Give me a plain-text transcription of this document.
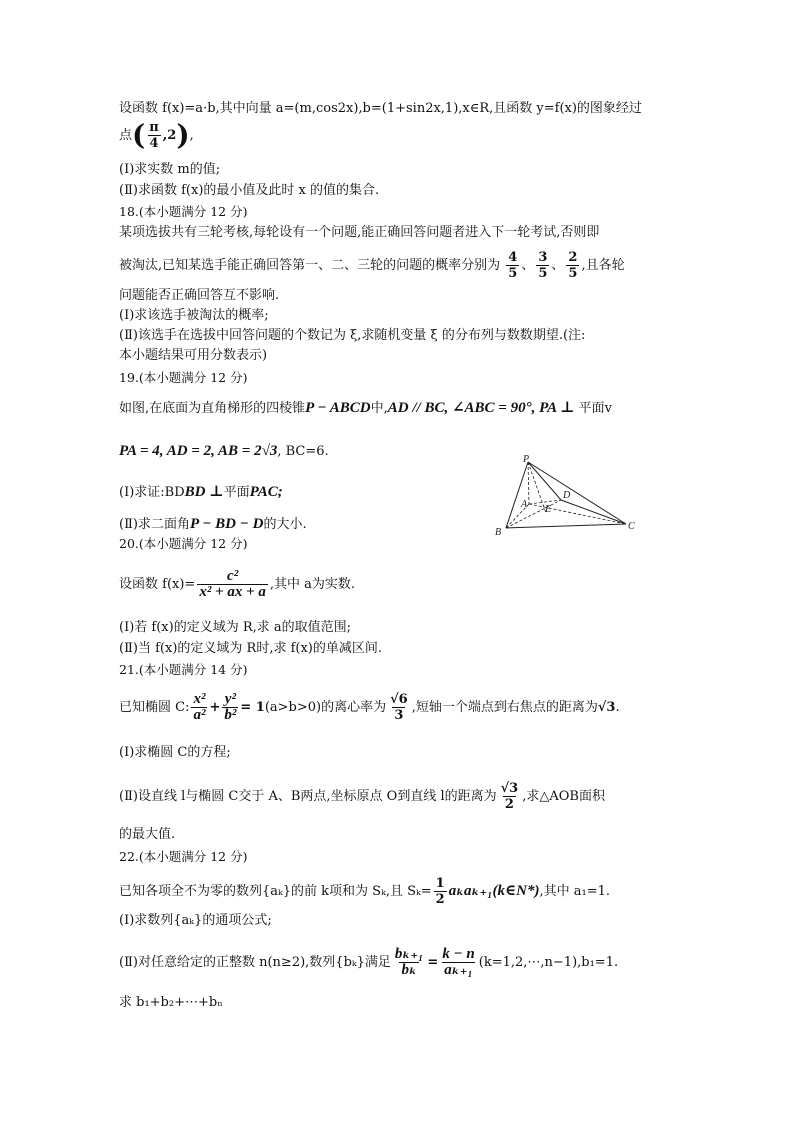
设函数 f(x)=a·b,其中向量 a=(m,cos2x),b=(1+sin2x,1),x∈R,且函数 y=f(x)的图象经过
点( $\frac{\pi}{4} ,2$),
(Ⅰ)求实数 m的值;
(Ⅱ)求函数 f(x)的最小值及此时 x 的值的集合.
18.(本小题满分 12 分)
某项选拔共有三轮考核,每轮设有一个问题,能正确回答问题者进入下一轮考试,否则即
被淘汰,已知某选手能正确回答第一、二、三轮的问题的概率分别为 $\frac{4}{5}$ 、 $\frac{3}{5}$ 、 $\frac{2}{5}$ ,且各轮
问题能否正确回答互不影响.
(Ⅰ)求该选手被淘汰的概率;
(Ⅱ)该选手在选拔中回答问题的个数记为 ξ,求随机变量 ξ 的分布列与数数期望.(注:
本小题结果可用分数表示)
19.(本小题满分 12 分)
如图,在底面为直角梯形的四棱锥P − ABCD中,AD // BC, ∠ABC = 90°, PA ⊥ 平面v
PA = 4, AD = 2, AB = 2√3, BC=6.
(Ⅰ)求证:BDBD ⊥平面PAC;
(Ⅱ)求二面角P − BD − D的大小.
P
A
D
E
B
C
20.(本小题满分 12 分)
设函数 $f(x)= \frac{\text{c²}}{\text{x² + ax + a}}$ ,其中 a为实数.
(Ⅰ)若 f(x)的定义域为 R,求 a的取值范围;
(Ⅱ)当 f(x)的定义域为 R时,求 f(x)的单减区间.
21.(本小题满分 14 分)
已知椭圆 C: $\frac{\text{x²}}{\text{a²}} + \frac{\text{y²}}{\text{b²}} = 1(a>b>0)$的离心率为 $\frac{√6}{3}$ ,短轴一个端点到右焦点的距离为√3.
(Ⅰ)求椭圆 C的方程;
(Ⅱ)设直线 l与椭圆 C交于 A、B两点,坐标原点 O到直线 l的距离为 $\frac{√3}{2}$ ,求△AOB面积
的最大值.
22.(本小题满分 12 分)
已知各项全不为零的数列{aₖ}的前 k项和为 Sₖ,且 $S_k= \frac{1}{2}$ aₖaₖ₊₁(k∈N*),其中 a₁=1.
(Ⅰ)求数列{aₖ}的通项公式;
(Ⅱ)对任意给定的正整数 n(n≥2),数列{bₖ}满足 $\frac{\text{bₖ₊₁}}{\text{bₖ}} = \frac{k - n}{\text{aₖ₊₁}}$ (k=1,2,⋯,n−1),b₁=1.
求 b₁+b₂+⋯+bₙ
